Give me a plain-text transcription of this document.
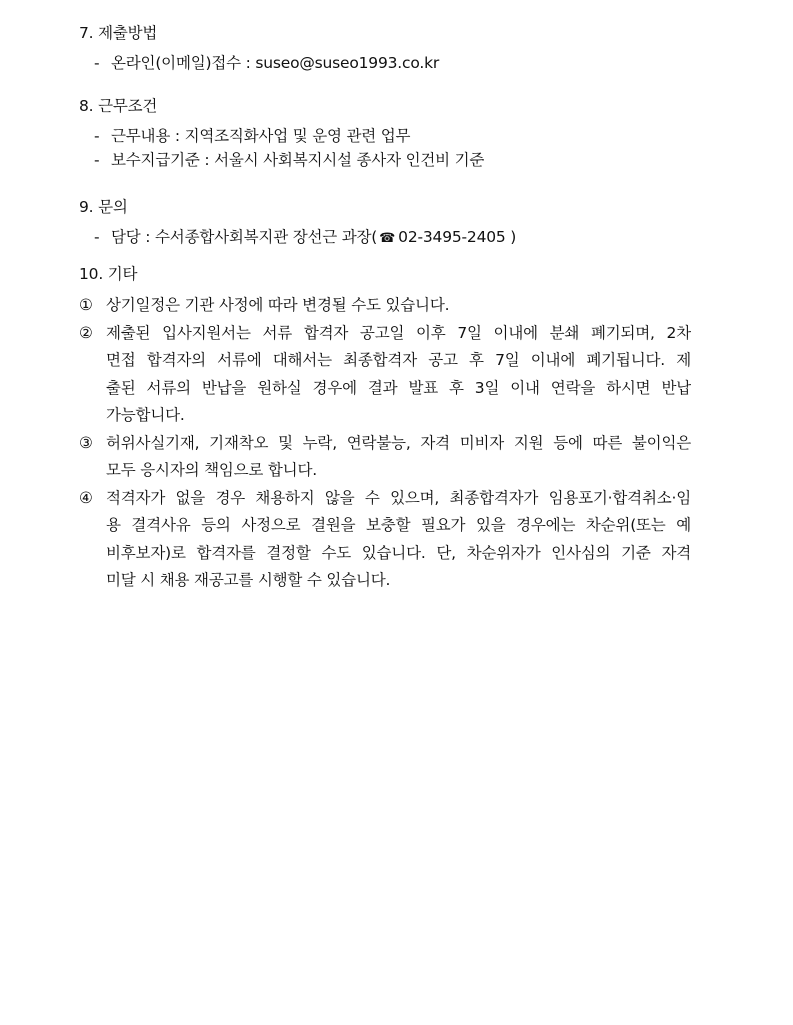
7. 제출방법
- 온라인(이메일)접수 : suseo@suseo1993.co.kr
8. 근무조건
- 근무내용 : 지역조직화사업 및 운영 관련 업무
- 보수지급기준 : 서울시 사회복지시설 종사자 인건비 기준
9. 문의
- 담당 : 수서종합사회복지관 장선근 과장( ☎ 02-3495-2405 )
10. 기타
① 상기일정은 기관 사정에 따라 변경될 수도 있습니다.
② 제출된 입사지원서는 서류 합격자 공고일 이후 7일 이내에 분쇄 폐기되며, 2차
면접 합격자의 서류에 대해서는 최종합격자 공고 후 7일 이내에 폐기됩니다. 제
출된 서류의 반납을 원하실 경우에 결과 발표 후 3일 이내 연락을 하시면 반납
가능합니다.
③ 허위사실기재, 기재착오 및 누락, 연락불능, 자격 미비자 지원 등에 따른 불이익은
모두 응시자의 책임으로 합니다.
④ 적격자가 없을 경우 채용하지 않을 수 있으며, 최종합격자가 임용포기·합격취소·임
용 결격사유 등의 사정으로 결원을 보충할 필요가 있을 경우에는 차순위(또는 예
비후보자)로 합격자를 결정할 수도 있습니다. 단, 차순위자가 인사심의 기준 자격
미달 시 채용 재공고를 시행할 수 있습니다.
